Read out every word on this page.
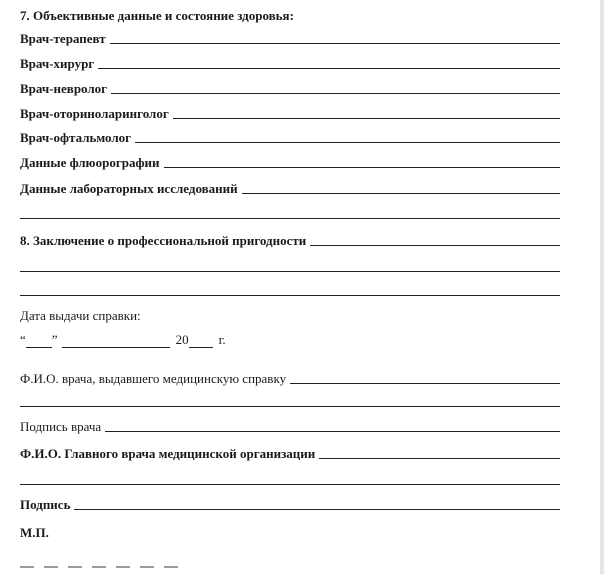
7. Объективные данные и состояние здоровья:
Врач-терапевт
Врач-хирург
Врач-невролог
Врач-оториноларинголог
Врач-офтальмолог
Данные флюорографии
Данные лабораторных исследований
8. Заключение о профессиональной пригодности
Дата выдачи справки:
“ ”	20 г.
Ф.И.О. врача, выдавшего медицинскую справку
Подпись врача
Ф.И.О. Главного врача медицинской организации
Подпись
М.П.
